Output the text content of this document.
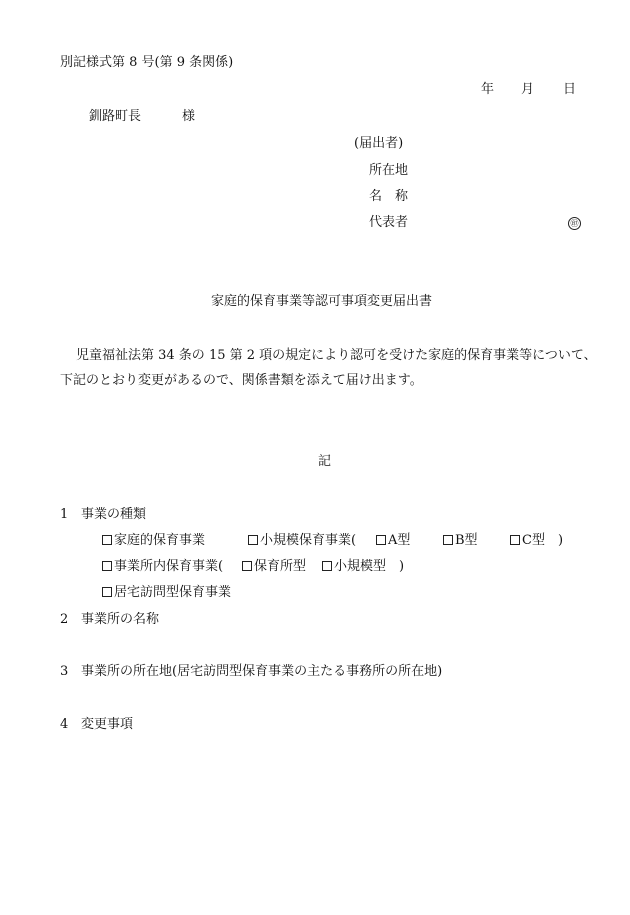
別記様式第 8 号(第 9 条関係)
年 月 日
釧路町長	様
(届出者)
所在地
名　称
代表者	㊞
家庭的保育事業等認可事項変更届出書
児童福祉法第 34 条の 15 第 2 項の規定により認可を受けた家庭的保育事業等について、
下記のとおり変更があるので、関係書類を添えて届け出ます。
記
1 事業の種類
家庭的保育事業	小規模保育事業(	A型	B型	C型　)
事業所内保育事業(	保育所型	小規模型　)
居宅訪問型保育事業
2 事業所の名称
3 事業所の所在地(居宅訪問型保育事業の主たる事務所の所在地)
4 変更事項
